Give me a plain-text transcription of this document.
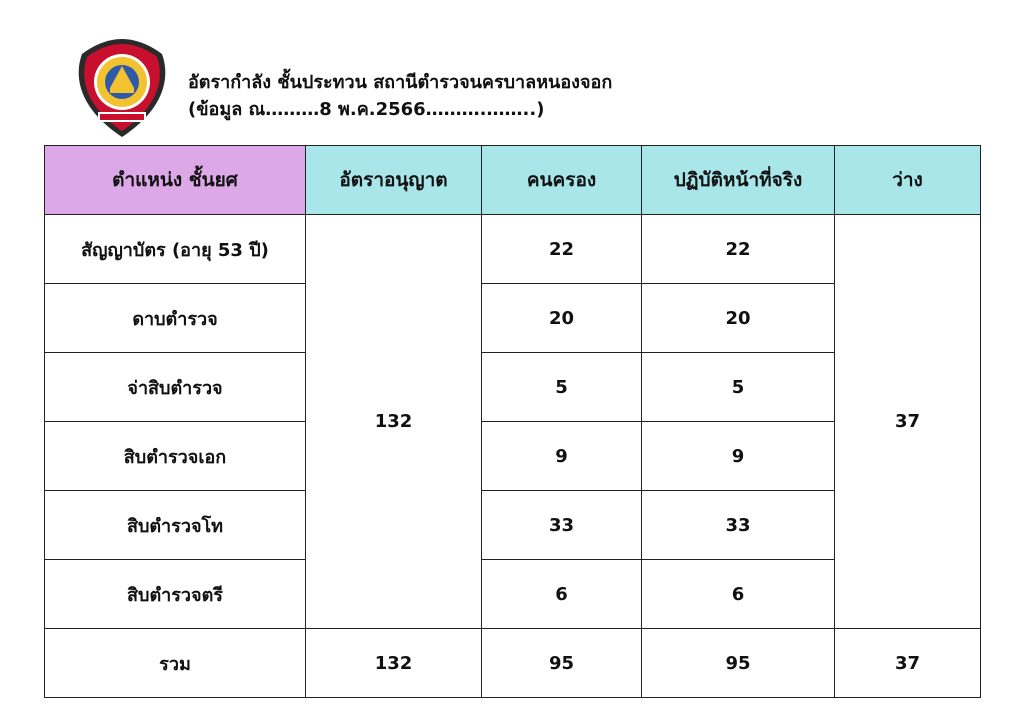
อัตรากำลัง ชั้นประทวน สถานีตำรวจนครบาลหนองจอก
(ข้อมูล ณ………8 พ.ค.2566……….……..)
ตำแหน่ง ชั้นยศ	อัตราอนุญาต	คนครอง	ปฏิบัติหน้าที่จริง	ว่าง
สัญญาบัตร (อายุ 53 ปี)	132	22	22	37
ดาบตำรวจ		20	20	
จ่าสิบตำรวจ		5	5	
สิบตำรวจเอก		9	9	
สิบตำรวจโท		33	33	
สิบตำรวจตรี		6	6	
รวม	132	95	95	37
